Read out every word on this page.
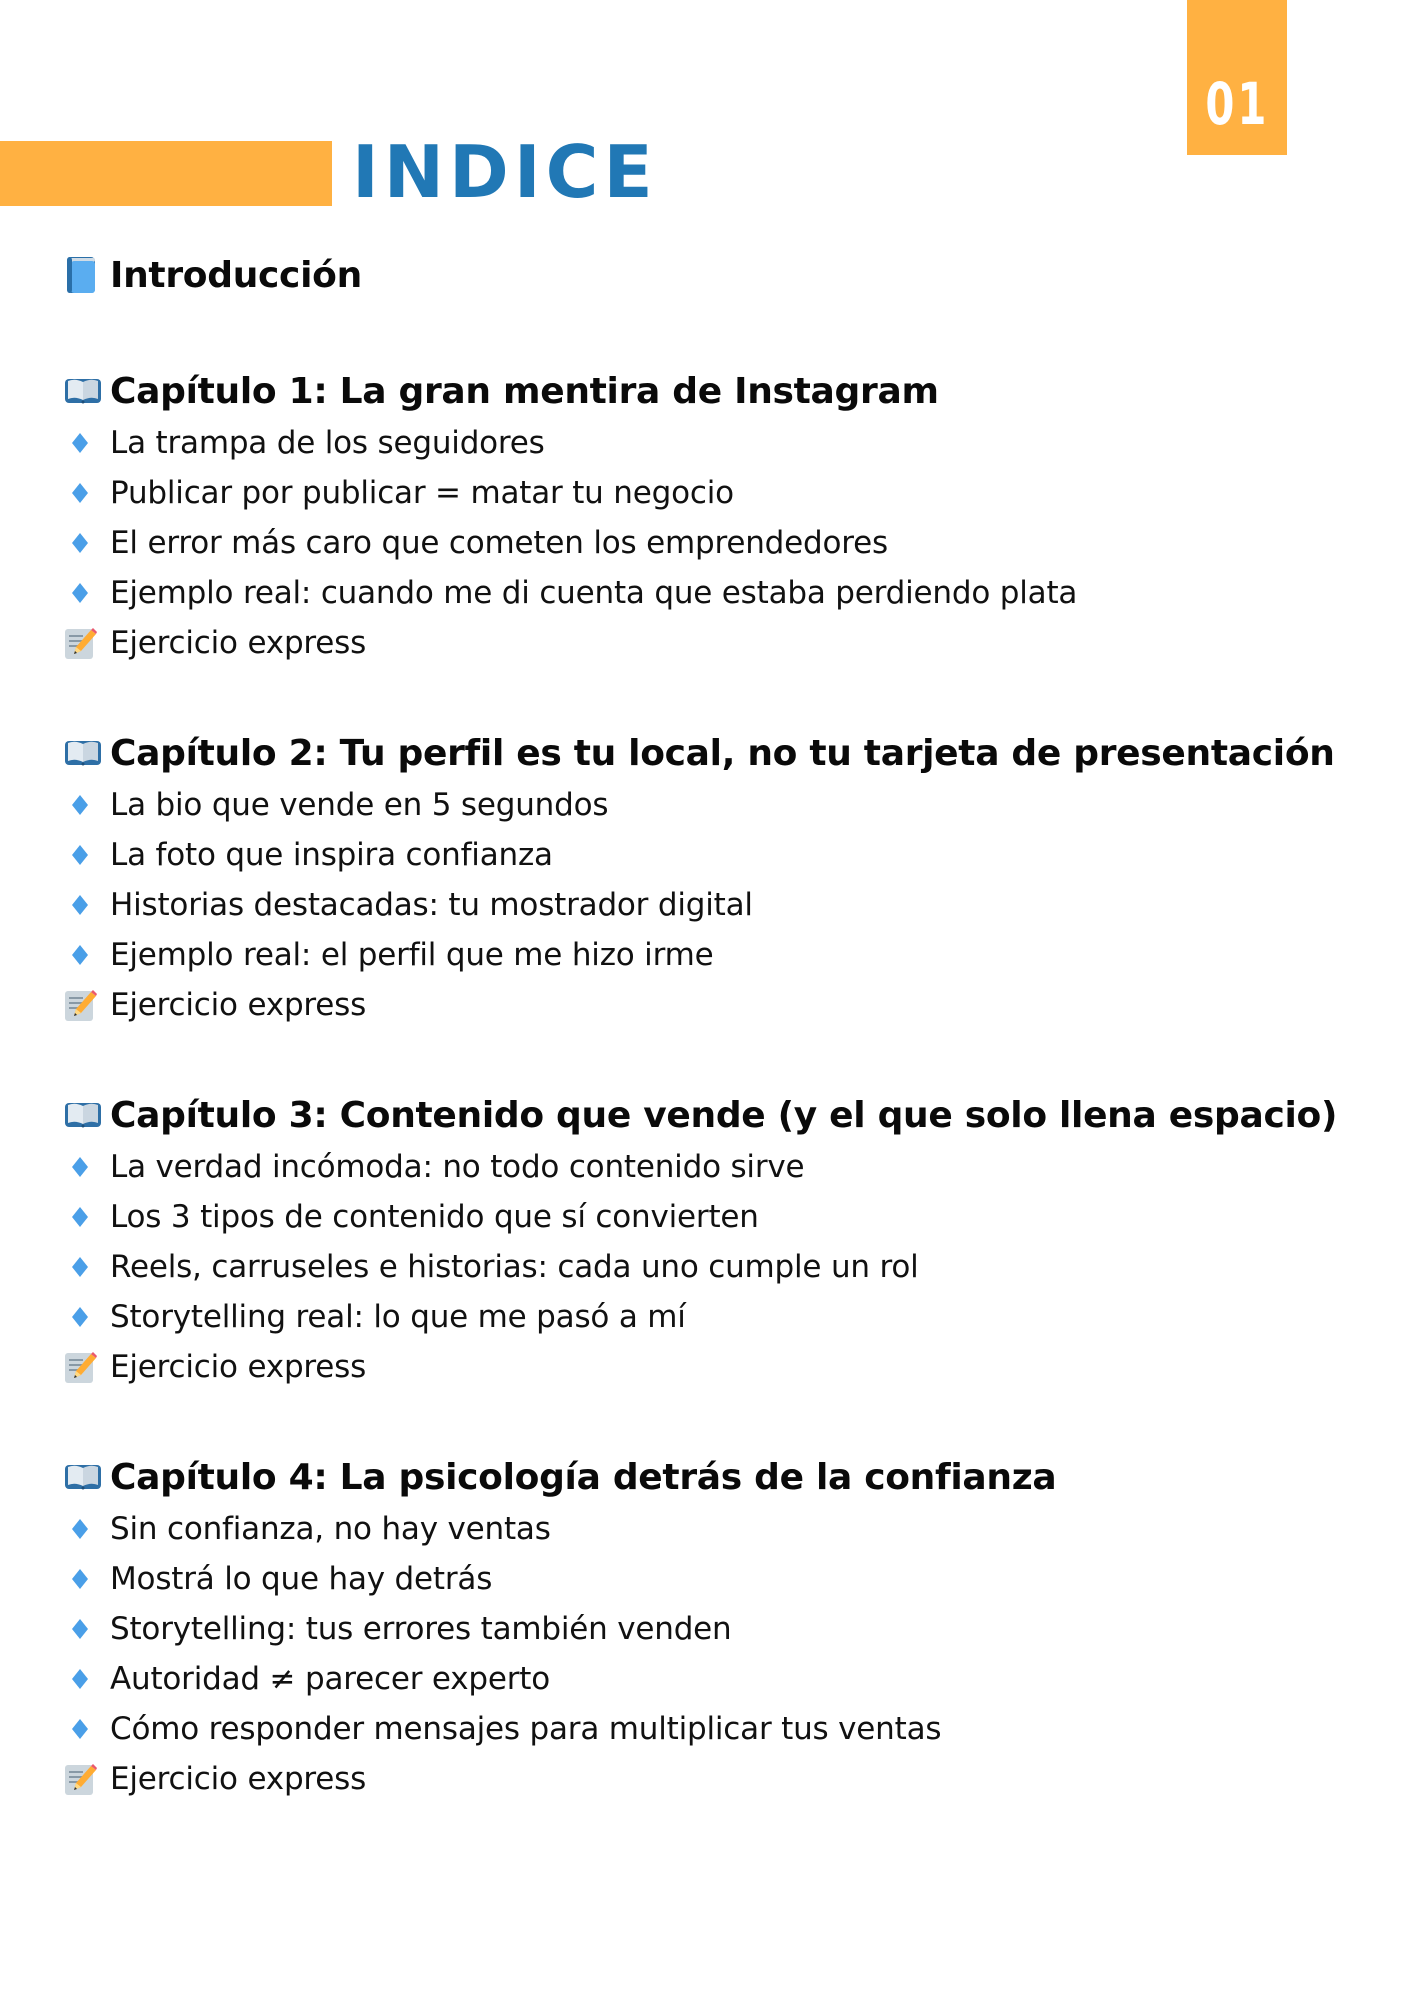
01
INDICE
Introducción
Capítulo 1: La gran mentira de Instagram
La trampa de los seguidores
Publicar por publicar = matar tu negocio
El error más caro que cometen los emprendedores
Ejemplo real: cuando me di cuenta que estaba perdiendo plata
Ejercicio express
Capítulo 2: Tu perfil es tu local, no tu tarjeta de presentación
La bio que vende en 5 segundos
La foto que inspira confianza
Historias destacadas: tu mostrador digital
Ejemplo real: el perfil que me hizo irme
Ejercicio express
Capítulo 3: Contenido que vende (y el que solo llena espacio)
La verdad incómoda: no todo contenido sirve
Los 3 tipos de contenido que sí convierten
Reels, carruseles e historias: cada uno cumple un rol
Storytelling real: lo que me pasó a mí
Ejercicio express
Capítulo 4: La psicología detrás de la confianza
Sin confianza, no hay ventas
Mostrá lo que hay detrás
Storytelling: tus errores también venden
Autoridad ≠ parecer experto
Cómo responder mensajes para multiplicar tus ventas
Ejercicio express
